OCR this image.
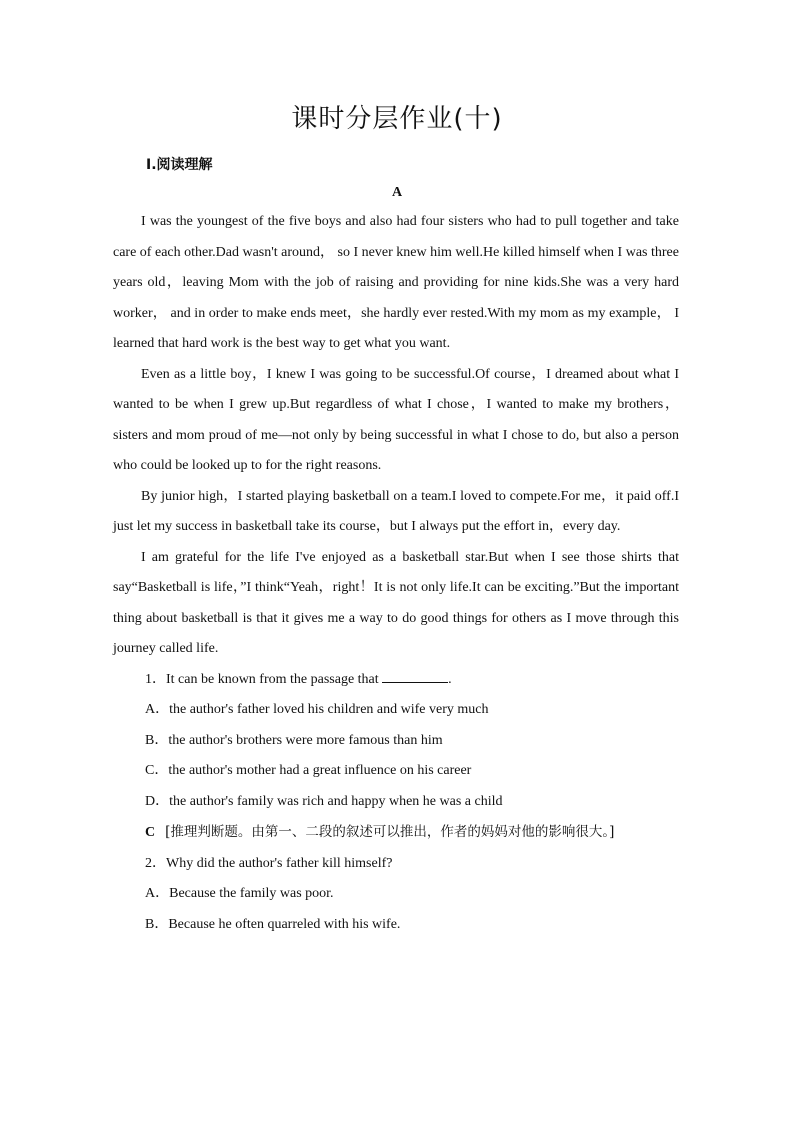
课时分层作业(十)
Ⅰ.阅读理解
A

I was the youngest of the five boys and also had four sisters who had to pull together and take care of each other.Dad wasn't around， so I never knew him well.He killed himself when I was three years old，leaving Mom with the job of raising and providing for nine kids.She was a very hard worker， and in order to make ends meet，she hardly ever rested.With my mom as my example， I learned that hard work is the best way to get what you want.

Even as a little boy，I knew I was going to be successful.Of course，I dreamed about what I wanted to be when I grew up.But regardless of what I chose，I wanted to make my brothers， sisters and mom proud of me—not only by being successful in what I chose to do, but also a person who could be looked up to for the right reasons.

By junior high，I started playing basketball on a team.I loved to compete.For me，it paid off.I just let my success in basketball take its course，but I always put the effort in，every day.

I am grateful for the life I've enjoyed as a basketball star.But when I see those shirts that say“Basketball is life，”I think“Yeah，right！It is not only life.It can be exciting.”But the important thing about basketball is that it gives me a way to do good things for others as I move through this journey called life.

1．It can be known from the passage that	.

A．the author's father loved his children and wife very much

B．the author's brothers were more famous than him

C．the author's mother had a great influence on his career

D．the author's family was rich and happy when he was a child

C [推理判断题。由第一、二段的叙述可以推出，作者的妈妈对他的影响很大。]

2．Why did the author's father kill himself?

A．Because the family was poor.

B．Because he often quarreled with his wife.
